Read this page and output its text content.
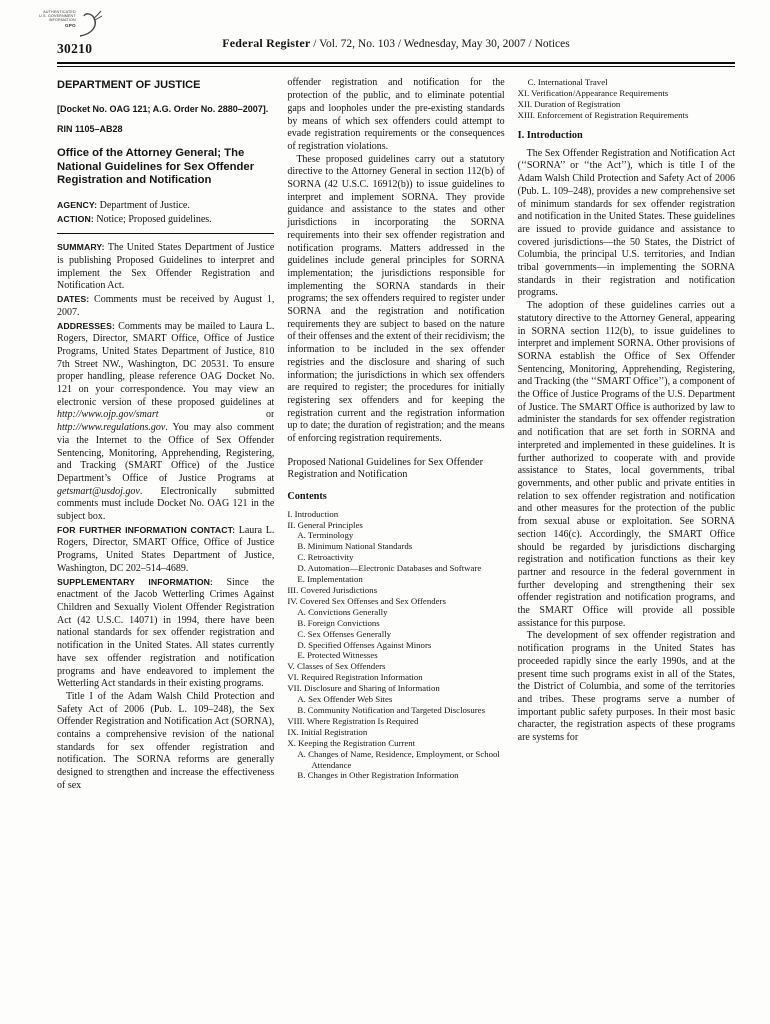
AUTHENTICATED
U.S. GOVERNMENT
INFORMATION
GPO
30210	Federal Register / Vol. 72, No. 103 / Wednesday, May 30, 2007 / Notices
DEPARTMENT OF JUSTICE
[Docket No. OAG 121; A.G. Order No. 2880–2007].
RIN 1105–AB28
Office of the Attorney General; The National Guidelines for Sex Offender Registration and Notification

AGENCY: Department of Justice.

ACTION: Notice; Proposed guidelines.

SUMMARY: The United States Department of Justice is publishing Proposed Guidelines to interpret and implement the Sex Offender Registration and Notification Act.

DATES: Comments must be received by August 1, 2007.

ADDRESSES: Comments may be mailed to Laura L. Rogers, Director, SMART Office, Office of Justice Programs, United States Department of Justice, 810 7th Street NW., Washington, DC 20531. To ensure proper handling, please reference OAG Docket No. 121 on your correspondence. You may view an electronic version of these proposed guidelines at http://www.ojp.gov/smart or http://www.regulations.gov. You may also comment via the Internet to the Office of Sex Offender Sentencing, Monitoring, Apprehending, Registering, and Tracking (SMART Office) of the Justice Department’s Office of Justice Programs at getsmart@usdoj.gov. Electronically submitted comments must include Docket No. OAG 121 in the subject box.

FOR FURTHER INFORMATION CONTACT: Laura L. Rogers, Director, SMART Office, Office of Justice Programs, United States Department of Justice, Washington, DC 202–514–4689.

SUPPLEMENTARY INFORMATION: Since the enactment of the Jacob Wetterling Crimes Against Children and Sexually Violent Offender Registration Act (42 U.S.C. 14071) in 1994, there have been national standards for sex offender registration and notification in the United States. All states currently have sex offender registration and notification programs and have endeavored to implement the Wetterling Act standards in their existing programs.

Title I of the Adam Walsh Child Protection and Safety Act of 2006 (Pub. L. 109–248), the Sex Offender Registration and Notification Act (SORNA), contains a comprehensive revision of the national standards for sex offender registration and notification. The SORNA reforms are generally designed to strengthen and increase the effectiveness of sex

offender registration and notification for the protection of the public, and to eliminate potential gaps and loopholes under the pre-existing standards by means of which sex offenders could attempt to evade registration requirements or the consequences of registration violations.

These proposed guidelines carry out a statutory directive to the Attorney General in section 112(b) of SORNA (42 U.S.C. 16912(b)) to issue guidelines to interpret and implement SORNA. They provide guidance and assistance to the states and other jurisdictions in incorporating the SORNA requirements into their sex offender registration and notification programs. Matters addressed in the guidelines include general principles for SORNA implementation; the jurisdictions responsible for implementing the SORNA standards in their programs; the sex offenders required to register under SORNA and the registration and notification requirements they are subject to based on the nature of their offenses and the extent of their recidivism; the information to be included in the sex offender registries and the disclosure and sharing of such information; the jurisdictions in which sex offenders are required to register; the procedures for initially registering sex offenders and for keeping the registration current and the registration information up to date; the duration of registration; and the means of enforcing registration requirements.

Proposed National Guidelines for Sex Offender Registration and Notification
Contents
I. Introduction
II. General Principles
A. Terminology
B. Minimum National Standards
C. Retroactivity
D. Automation—Electronic Databases and Software
E. Implementation
III. Covered Jurisdictions
IV. Covered Sex Offenses and Sex Offenders
A. Convictions Generally
B. Foreign Convictions
C. Sex Offenses Generally
D. Specified Offenses Against Minors
E. Protected Witnesses
V. Classes of Sex Offenders
VI. Required Registration Information
VII. Disclosure and Sharing of Information
A. Sex Offender Web Sites
B. Community Notification and Targeted Disclosures
VIII. Where Registration Is Required
IX. Initial Registration
X. Keeping the Registration Current
A. Changes of Name, Residence, Employment, or School Attendance
B. Changes in Other Registration Information
C. International Travel
XI. Verification/Appearance Requirements
XII. Duration of Registration
XIII. Enforcement of Registration Requirements
I. Introduction

The Sex Offender Registration and Notification Act (‘‘SORNA’’ or ‘‘the Act’’), which is title I of the Adam Walsh Child Protection and Safety Act of 2006 (Pub. L. 109–248), provides a new comprehensive set of minimum standards for sex offender registration and notification in the United States. These guidelines are issued to provide guidance and assistance to covered jurisdictions—the 50 States, the District of Columbia, the principal U.S. territories, and Indian tribal governments—in implementing the SORNA standards in their registration and notification programs.

The adoption of these guidelines carries out a statutory directive to the Attorney General, appearing in SORNA section 112(b), to issue guidelines to interpret and implement SORNA. Other provisions of SORNA establish the Office of Sex Offender Sentencing, Monitoring, Apprehending, Registering, and Tracking (the ‘‘SMART Office’’), a component of the Office of Justice Programs of the U.S. Department of Justice. The SMART Office is authorized by law to administer the standards for sex offender registration and notification that are set forth in SORNA and interpreted and implemented in these guidelines. It is further authorized to cooperate with and provide assistance to States, local governments, tribal governments, and other public and private entities in relation to sex offender registration and notification and other measures for the protection of the public from sexual abuse or exploitation. See SORNA section 146(c). Accordingly, the SMART Office should be regarded by jurisdictions discharging registration and notification functions as their key partner and resource in the federal government in further developing and strengthening their sex offender registration and notification programs, and the SMART Office will provide all possible assistance for this purpose.

The development of sex offender registration and notification programs in the United States has proceeded rapidly since the early 1990s, and at the present time such programs exist in all of the States, the District of Columbia, and some of the territories and tribes. These programs serve a number of important public safety purposes. In their most basic character, the registration aspects of these programs are systems for
